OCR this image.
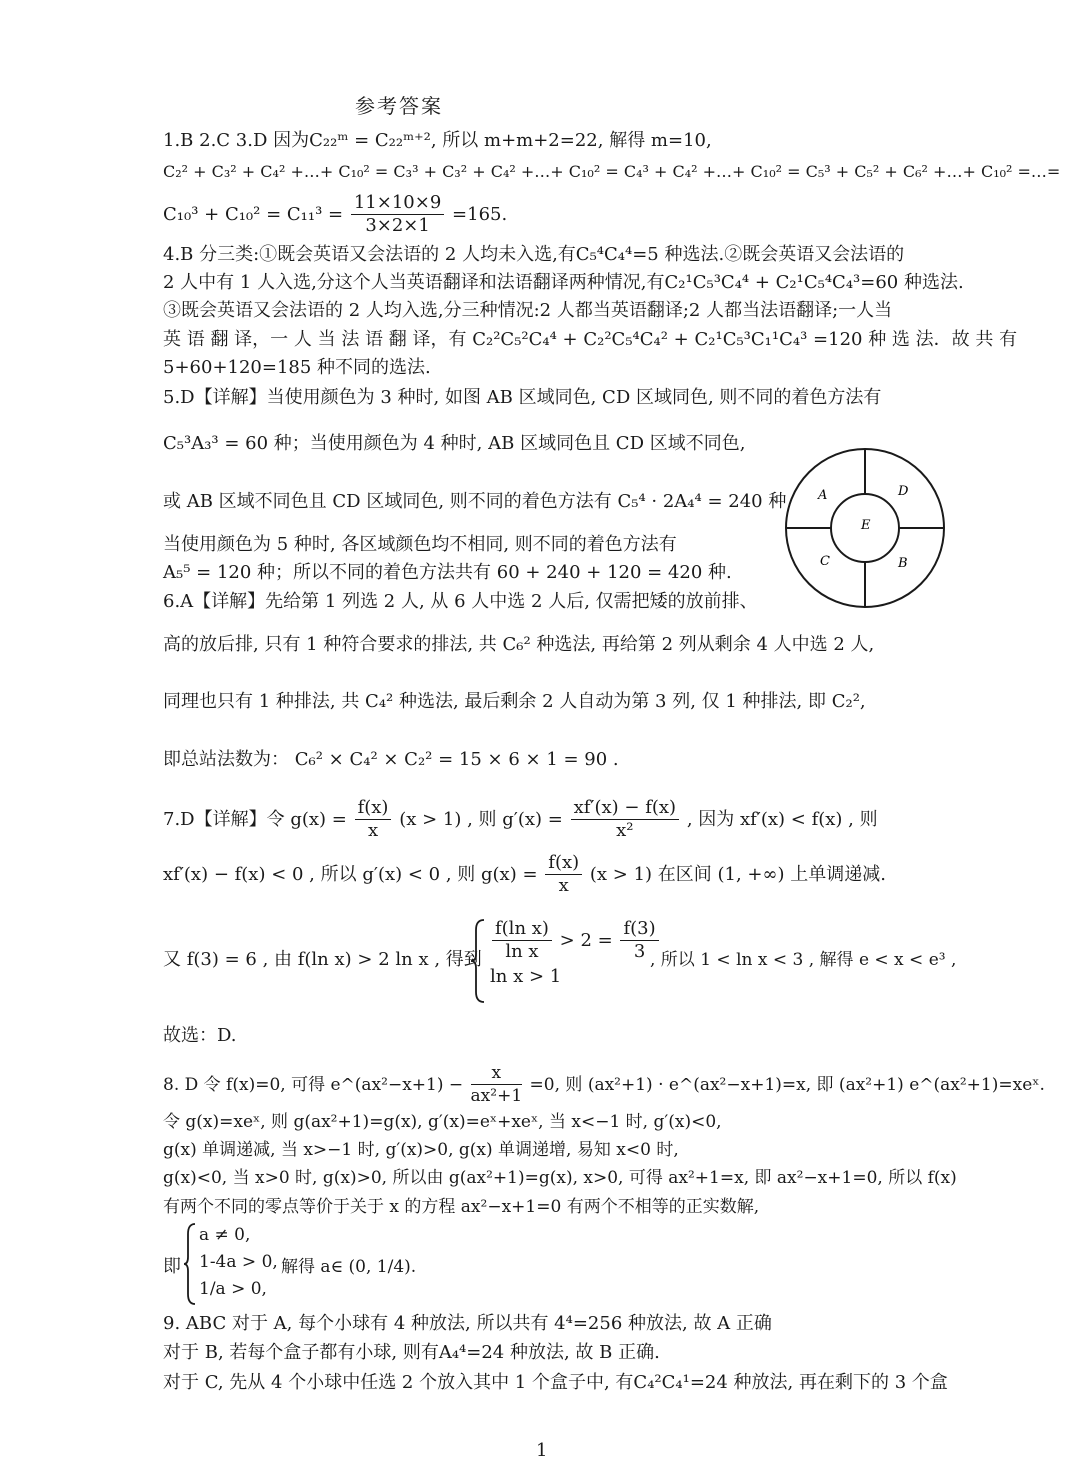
参考答案
1.B 2.C 3.D 因为C₂₂ᵐ = C₂₂ᵐ⁺², 所以 m+m+2=22, 解得 m=10,
C₂² + C₃² + C₄² +…+ C₁₀² = C₃³ + C₃² + C₄² +…+ C₁₀² = C₄³ + C₄² +…+ C₁₀² = C₅³ + C₅² + C₆² +…+ C₁₀² =…=
$C_{10}^3 + C_{10}^2 = C_{11}^3 = \frac{11\times 10\times 9}{3\times 2\times 1} =165$.
4.B 分三类:①既会英语又会法语的 2 人均未入选,有C₅⁴C₄⁴=5 种选法.②既会英语又会法语的
2 人中有 1 人入选,分这个人当英语翻译和法语翻译两种情况,有C₂¹C₅³C₄⁴ + C₂¹C₅⁴C₄³=60 种选法.
③既会英语又会法语的 2 人均入选,分三种情况:2 人都当英语翻译;2 人都当法语翻译;一人当
英 语 翻 译，一 人 当 法 语 翻 译，有 C₂²C₅²C₄⁴ + C₂²C₅⁴C₄² + C₂¹C₅³C₁¹C₄³ =120 种 选 法．故 共 有
5+60+120=185 种不同的选法.
5.D【详解】当使用颜色为 3 种时, 如图 AB 区域同色, CD 区域同色, 则不同的着色方法有
C₅³A₃³ = 60 种；当使用颜色为 4 种时, AB 区域同色且 CD 区域不同色,
或 AB 区域不同色且 CD 区域同色, 则不同的着色方法有 C₅⁴ · 2A₄⁴ = 240 种
当使用颜色为 5 种时, 各区域颜色均不相同, 则不同的着色方法有
A₅⁵ = 120 种；所以不同的着色方法共有 60 + 240 + 120 = 420 种.
A	D
E
C	B
6.A【详解】先给第 1 列选 2 人, 从 6 人中选 2 人后, 仅需把矮的放前排、
高的放后排, 只有 1 种符合要求的排法, 共 C₆² 种选法, 再给第 2 列从剩余 4 人中选 2 人,
同理也只有 1 种排法, 共 C₄² 种选法, 最后剩余 2 人自动为第 3 列, 仅 1 种排法, 即 C₂²,
即总站法数为： C₆² × C₄² × C₂² = 15 × 6 × 1 = 90 .
7.D【详解】令 $g(x) = \frac{f(x)}{x} (x > 1)$ , 则 $g'(x) = \frac{xf'(x) - f(x)}{\text{x²}}$ , 因为 xf′(x) < f(x) , 则
xf′(x) − f(x) < 0 , 所以 g′(x) < 0 , 则 $g(x) = \frac{f(x)}{x} (x > 1)$ 在区间 (1, +∞) 上单调递减.
又 f(3) = 6 , 由 f(ln x) > 2 ln x , 得到 $\frac{\text{f(ln x)}}{\text{ln x}} > 2 = \frac{f(3)}{3}$
ln x > 1
, 所以 1 < ln x < 3 , 解得 e < x < e³ ,
故选：D.
8. D 令 f(x)=0, 可得 e^(ax²−x+1) − $\frac{x}{\text{ax²+1}} =0$, 则 (ax²+1) · e^(ax²−x+1)=x, 即 (ax²+1) e^(ax²+1)=xeˣ.
令 g(x)=xeˣ, 则 g(ax²+1)=g(x), g′(x)=eˣ+xeˣ, 当 x<−1 时, g′(x)<0,
g(x) 单调递减, 当 x>−1 时, g′(x)>0, g(x) 单调递增, 易知 x<0 时,
g(x)<0, 当 x>0 时, g(x)>0, 所以由 g(ax²+1)=g(x), x>0, 可得 ax²+1=x, 即 ax²−x+1=0, 所以 f(x)
有两个不同的零点等价于关于 x 的方程 ax²−x+1=0 有两个不相等的正实数解,
即
a ≠ 0,
1-4a > 0,
1/a > 0,
解得 a∈ (0, 1/4).
9. ABC 对于 A, 每个小球有 4 种放法, 所以共有 4⁴=256 种放法, 故 A 正确
对于 B, 若每个盒子都有小球, 则有A₄⁴=24 种放法, 故 B 正确.
对于 C, 先从 4 个小球中任选 2 个放入其中 1 个盒子中, 有C₄²C₄¹=24 种放法, 再在剩下的 3 个盒
1
